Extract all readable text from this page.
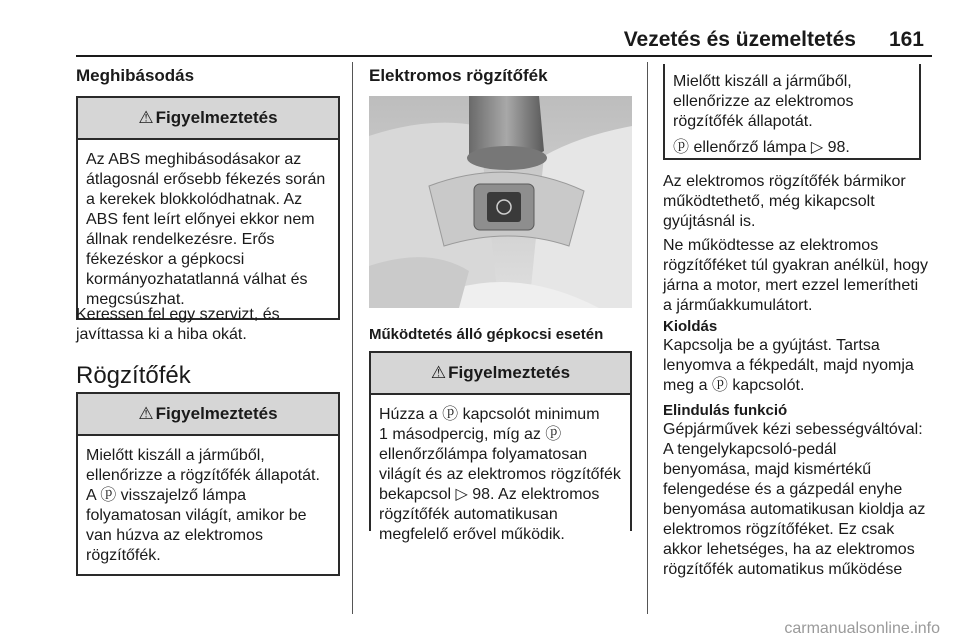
Vezetés és üzemeltetés 161
Meghibásodás
⚠ Figyelmeztetés
Az ABS meghibásodásakor az
átlagosnál erősebb fékezés során
a kerekek blokkolódhatnak. Az
ABS fent leírt előnyei ekkor nem
állnak rendelkezésre. Erős
fékezéskor a gépkocsi
kormányozhatatlanná válhat és
megcsúszhat.
Keressen fel egy szervizt, és
javíttassa ki a hiba okát.
Rögzítőfék
⚠ Figyelmeztetés
Mielőtt kiszáll a járműből,
ellenőrizze a rögzítőfék állapotát.
A ⓟ visszajelző lámpa
folyamatosan világít, amikor be
van húzva az elektromos
rögzítőfék.
Elektromos rögzítőfék
Működtetés álló gépkocsi esetén
⚠ Figyelmeztetés
Húzza a ⓟ kapcsolót minimum
1 másodpercig, míg az ⓟ
ellenőrzőlámpa folyamatosan
világít és az elektromos rögzítőfék
bekapcsol ▷ 98. Az elektromos
rögzítőfék automatikusan
megfelelő erővel működik.
Mielőtt kiszáll a járműből,
ellenőrizze az elektromos
rögzítőfék állapotát.
ⓟ ellenőrző lámpa ▷ 98.
Az elektromos rögzítőfék bármikor
működtethető, még kikapcsolt
gyújtásnál is.
Ne működtesse az elektromos
rögzítőféket túl gyakran anélkül, hogy
járna a motor, mert ezzel lemerítheti
a járműakkumulátort.
Kioldás
Kapcsolja be a gyújtást. Tartsa
lenyomva a fékpedált, majd nyomja
meg a ⓟ kapcsolót.
Elindulás funkció
Gépjárművek kézi sebességváltóval:
A tengelykapcsoló-pedál
benyomása, majd kismértékű
felengedése és a gázpedál enyhe
benyomása automatikusan kioldja az
elektromos rögzítőféket. Ez csak
akkor lehetséges, ha az elektromos
rögzítőfék automatikus működése
carmanualsonline.info
